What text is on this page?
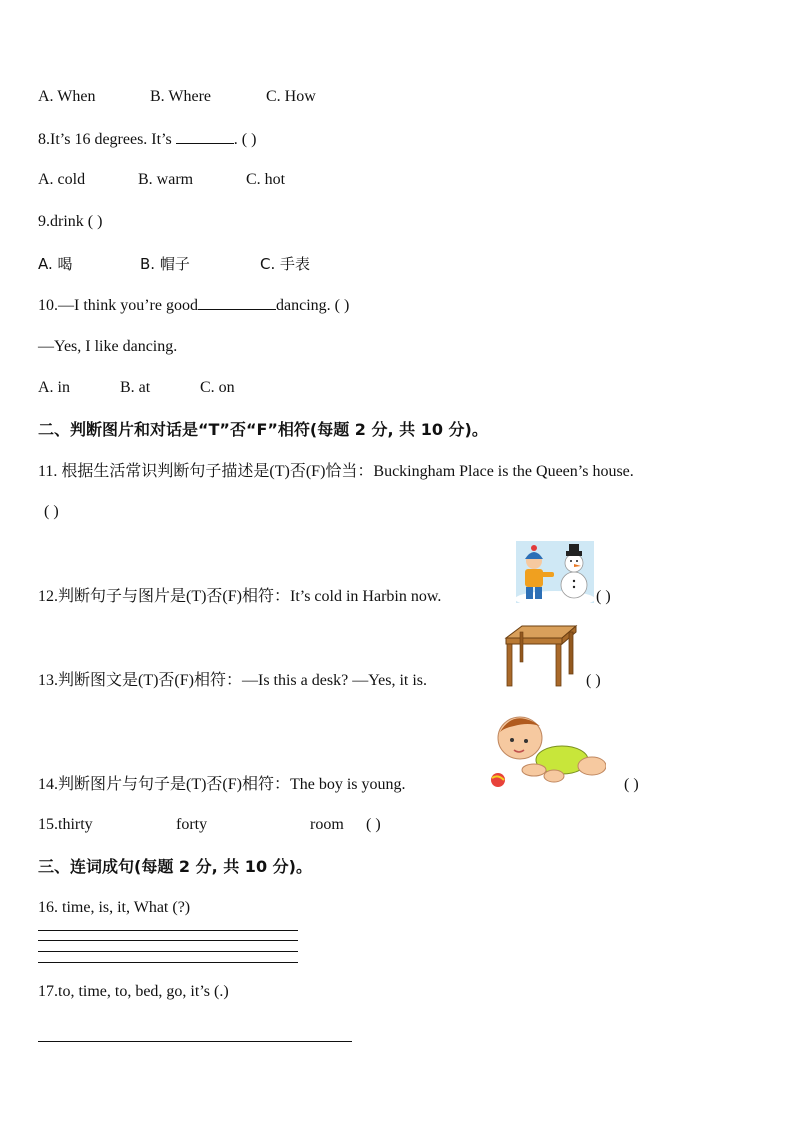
A. When	B. Where	C. How
8.It’s 16 degrees. It’s	. ( )
A. cold	B. warm	C. hot
9.drink ( )
A. 喝	B. 帽子	C. 手表
10.—I think you’re good	dancing. ( )
—Yes, I like dancing.
A. in	B. at	C. on
二、判断图片和对话是“T”否“F”相符(每题 2 分, 共 10 分)。
11. 根据生活常识判断句子描述是(T)否(F)恰当：Buckingham Place is the Queen’s house.
( )
12.判断句子与图片是(T)否(F)相符：It’s cold in Harbin now.	( )
13.判断图文是(T)否(F)相符：—Is this a desk? —Yes, it is.	( )
14.判断图片与句子是(T)否(F)相符：The boy is young.	( )
15.thirty	forty	room ( )
三、连词成句(每题 2 分, 共 10 分)。
16. time, is, it, What (?)
17.to, time, to, bed, go, it’s (.)
